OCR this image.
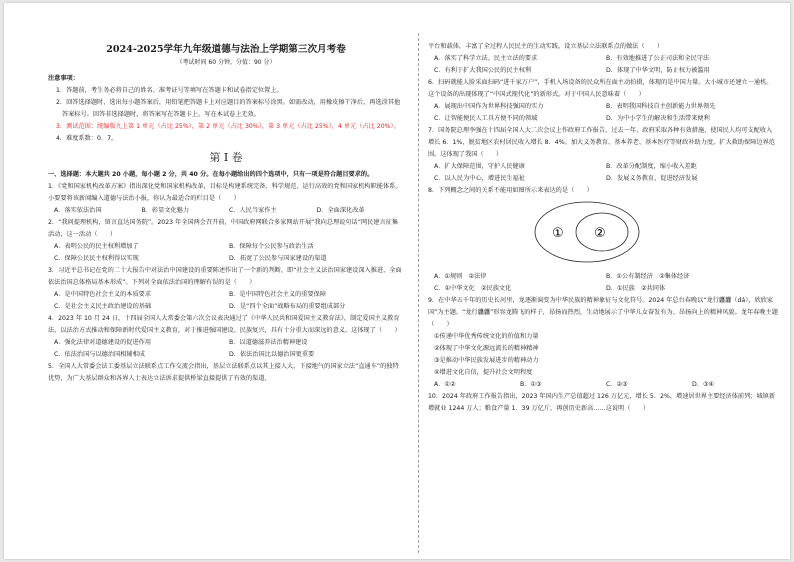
2024-2025学年九年级道德与法治上学期第三次月考卷
（考试时间 60 分钟，分值：90 分）
注意事项：
1．答题前，考生务必将自己的姓名、准考证号等填写在答题卡和试卷指定位置上。
2．回答选择题时，选出每小题答案后，用铅笔把答题卡上对应题目的答案标号涂黑。如需改动，用橡皮擦干净后，再选涂其他答案标号。回答非选择题时，将答案写在答题卡上。写在本试卷上无效。
3．测试范围：统编版九上第 1 单元（占比 25%），第 2 单元（占比 30%），第 3 单元（占比 25%），4 单元（占比 20%）。
4．难度系数：0．7。
第 I 卷
一、选择题：本大题共 20 小题，每小题 2 分，共 40 分。在每小题给出的四个选项中，只有一项是符合题目要求的。
1．《党和国家机构改革方案》指出深化党和国家机构改革，目标是构建系统完备、科学规范、运行高效的党和国家机构职能体系。小要要将该新闻编入道德与法治小报，你认为最适合的栏目是（　　）
A．落实依法治国	B．彰显文化魅力	C．人民当家作主	D．全面深化改革
2．“我问提理机构，留言直达国务院”。2023 年全国两会召开前，中国政府网联合多家网站开展“我向总理说句话”网民建言征集活动，这一活动（　　）
A．表明公民的民主权利增加了	B．保障每个公民参与政治生活
C．保障公民民主权利得以实现	D．拓宽了公民参与国家建设的渠道
3．习近平总书记在党的二十大报告中对法治中国建设的重要陈述作出了一个新的判断，即“社会主义法治国家建设深入推进，全面依法治国总体格局基本形成”。下列对全面依法治国的理解有误的是（　　）
A．是中国特色社会主义的本质要求	B．是中国特色社会主义的重要保障
C．是社会主义民主政治建设的基础	D．是“四个全面”战略布局的重要组成部分
4．2023 年 10 月 24 日，十四届全国人大常委会第六次会议表决通过了《中华人民共和国爱国主义教育法》，制定爱国主义教育法，以法治方式推动和保障新时代爱国主义教育，对于推进强国建设、民族复兴，具有十分重大而深远的意义。这体现了（　　）
A．强化法律对道德建设的促进作用	B．以道德滋养法治精神建设
C．依法治国与以德治国相辅相成	D．依法治国比以德治国更重要
5．全国人大常委会法工委基层立法联系点工作交流会指出，基层立法联系点以其上接人大、下接地气的国家立法“直通车”的独特优势，为广大基层群众和各界人士表达立法诉求提供桥梁直接提供了有效的渠道、
平台和载体，丰富了全过程人民民主的生动实践。设立基层立法联系点的做法（　　）
A．落实了科学立法、民主立法的要求	B．有效地推进了公正司法和全民守法
C．有利于扩大我国公民的民主权利	D．体现了中华文明，防止权力被滥用
6．扫码就能人脸采面扫码“进千家万户”，手机入场设备的民众所在面主动拍摄，体现的是中国力量。大小城市还建立一通机。这个设备的出现体现了“中国式现代化”的新形式。对于中国人民意味着（　　）
A．展现出中国作为世界科技强国的实力	B．表明我国科技自主创新能力世界领先
C．让智能便民人工具方便不同的领域	D．为中小学生的解决和生活带来便利
7．国务院总理李强在十四届全国人大二次会议上作政府工作报告，过去一年，政府采取各种有效措施，使国民人均可支配收入增长 6．1%，脱贫地区农村居民收入增长 8．4%。加大义务教育、基本养老、基本医疗等财政补助力度，扩大救助保障边界范围。这体现了我国（　　）
A．扩大保障范围，守护人民健康	B．改革分配制度，缩小收入差距
C．以人民为中心，增进民生福祉	D．发展义务教育，促进经济发展
8．下列概念之间的关系不能用如图所示来表达的是（　　）
① ②
A．①规则　②法律	B．①公有制经济　②集体经济
C．①中华文化　②民族文化	D．①民族　②共同体
9．在中华五千年的历史长河里，龙逐渐演变为中华民族的精神象征与文化符号。2024 年总台春晚以“龙行龘龘（dá），欣欣家国”为主题。“龙行龘龘”形容龙腾飞的样子，昂扬而热烈，生动地展示了中华儿女奋发有为、昂扬向上的精神风貌。龙年春晚主题（　　）
①传递中华优秀传统文化的价值和力量
②体现了中华文化源远流长的精神精神
③是推动中华民族发展进步的精神动力
④增进文化自信，提升社会文明程度
A．①②	B．①③	C．②③	D．③④
10．2024 年政府工作报告指出，2023 年国内生产总值超过 126 万亿元，增长 5．2%，增速居世界主要经济体前列；城镇新增就业 1244 万人；粮食产量 1．39 万亿斤，再创历史新高……这说明（　　）
